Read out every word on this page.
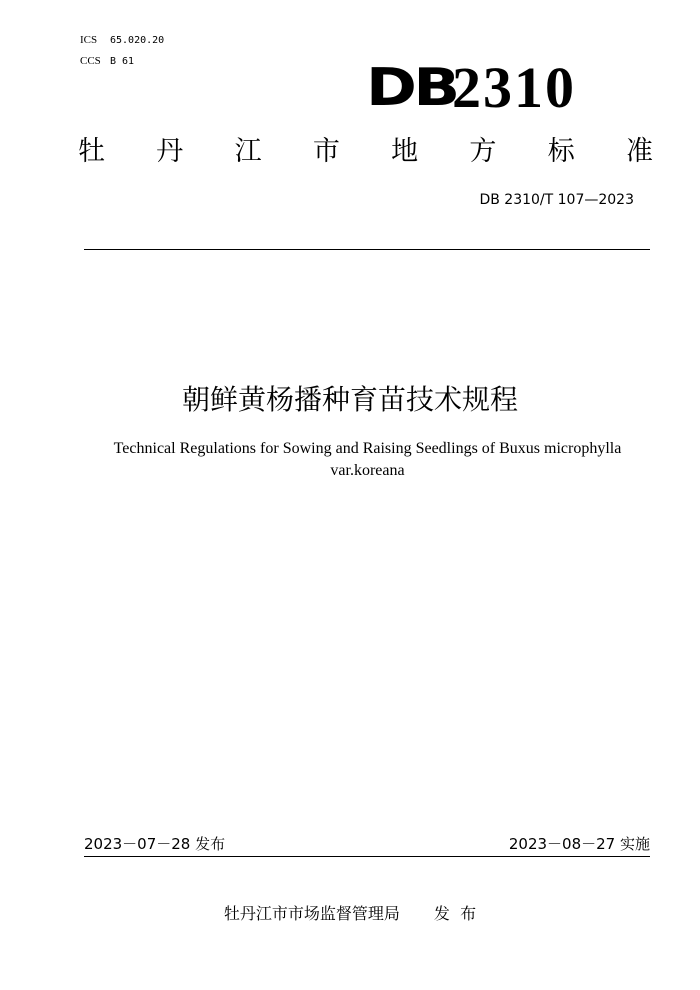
ICS 65.020.20
CCS B 61	DB
2310
牡 丹 江 市 地 方 标 准
DB 2310/T 107—2023
朝鲜黄杨播种育苗技术规程
Technical Regulations for Sowing and Raising Seedlings of Buxus microphylla var.koreana
2023－07－28 发布	2023－08－27 实施
牡丹江市市场监督管理局 发  布
